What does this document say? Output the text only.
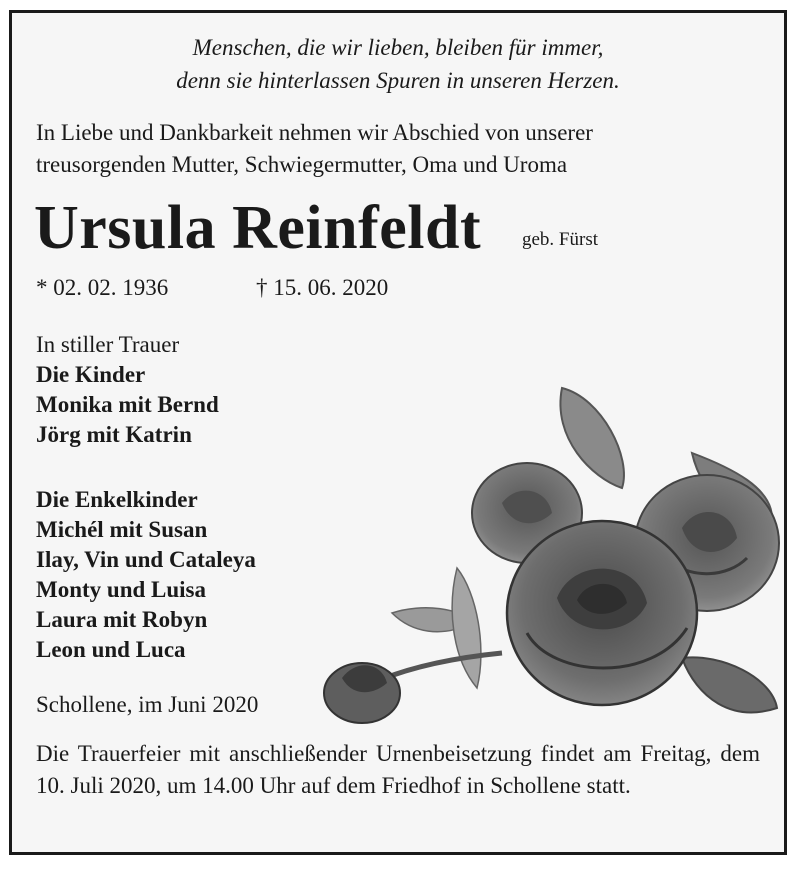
Menschen, die wir lieben, bleiben für immer,
denn sie hinterlassen Spuren in unseren Herzen.
In Liebe und Dankbarkeit nehmen wir Abschied von unserer
treusorgenden Mutter, Schwiegermutter, Oma und Uroma
Ursula Reinfeldt geb. Fürst
* 02. 02. 1936	† 15. 06. 2020
In stiller Trauer
Die Kinder
Monika mit Bernd
Jörg mit Katrin
Die Enkelkinder
Michél mit Susan
Ilay, Vin und Cataleya
Monty und Luisa
Laura mit Robyn
Leon und Luca
Schollene, im Juni 2020
Die Trauerfeier mit anschließender Urnenbeisetzung findet am Freitag, dem 10. Juli 2020, um 14.00 Uhr auf dem Friedhof in Schollene statt.
